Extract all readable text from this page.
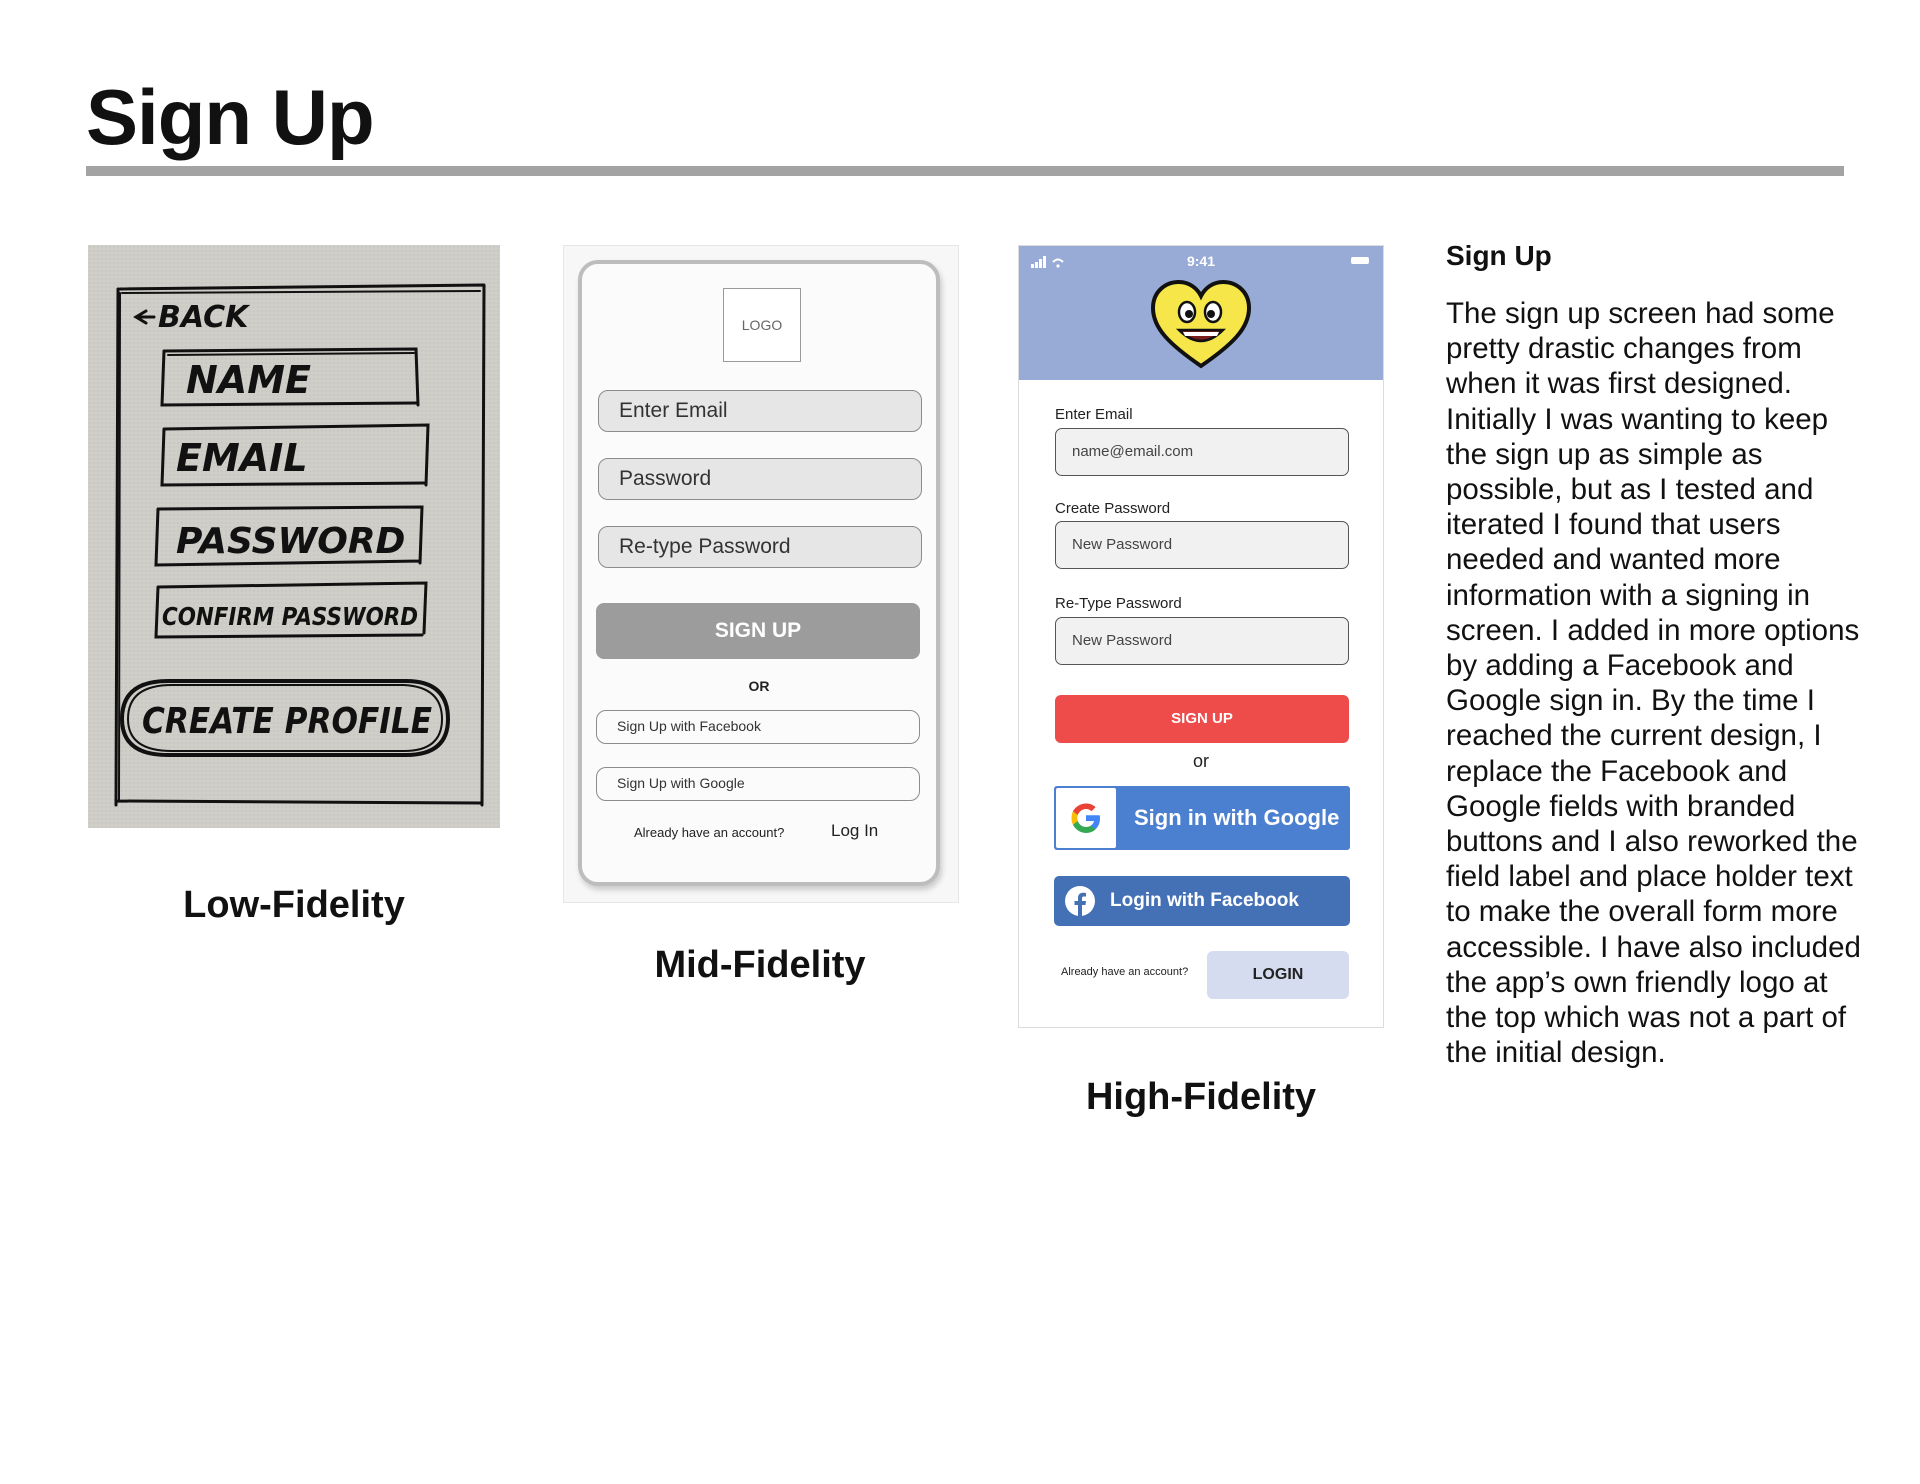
Sign Up
BACK
NAME
EMAIL
PASSWORD
CONFIRM PASSWORD
CREATE PROFILE
Low-Fidelity
LOGO
Enter Email
Password
Re-type Password
SIGN UP
OR
Sign Up with Facebook
Sign Up with Google
Already have an account?	Log In
Mid-Fidelity
9:41
Enter Email
name@email.com
Create Password
New Password
Re-Type Password
New Password
SIGN UP
or
Sign in with Google
Login with Facebook
Already have an account?	LOGIN
High-Fidelity
Sign Up
The sign up screen had some pretty drastic changes from when it was first designed. Initially I was wanting to keep the sign up as simple as possible, but as I tested and iterated I found that users needed and wanted more information with a signing in screen. I added in more options by adding a Facebook and Google sign in. By the time I reached the current design, I replace the Facebook and Google fields with branded buttons and I also reworked the field label and place holder text to make the overall form more accessible. I have also included the app’s own friendly logo at the top which was not a part of the initial design.
